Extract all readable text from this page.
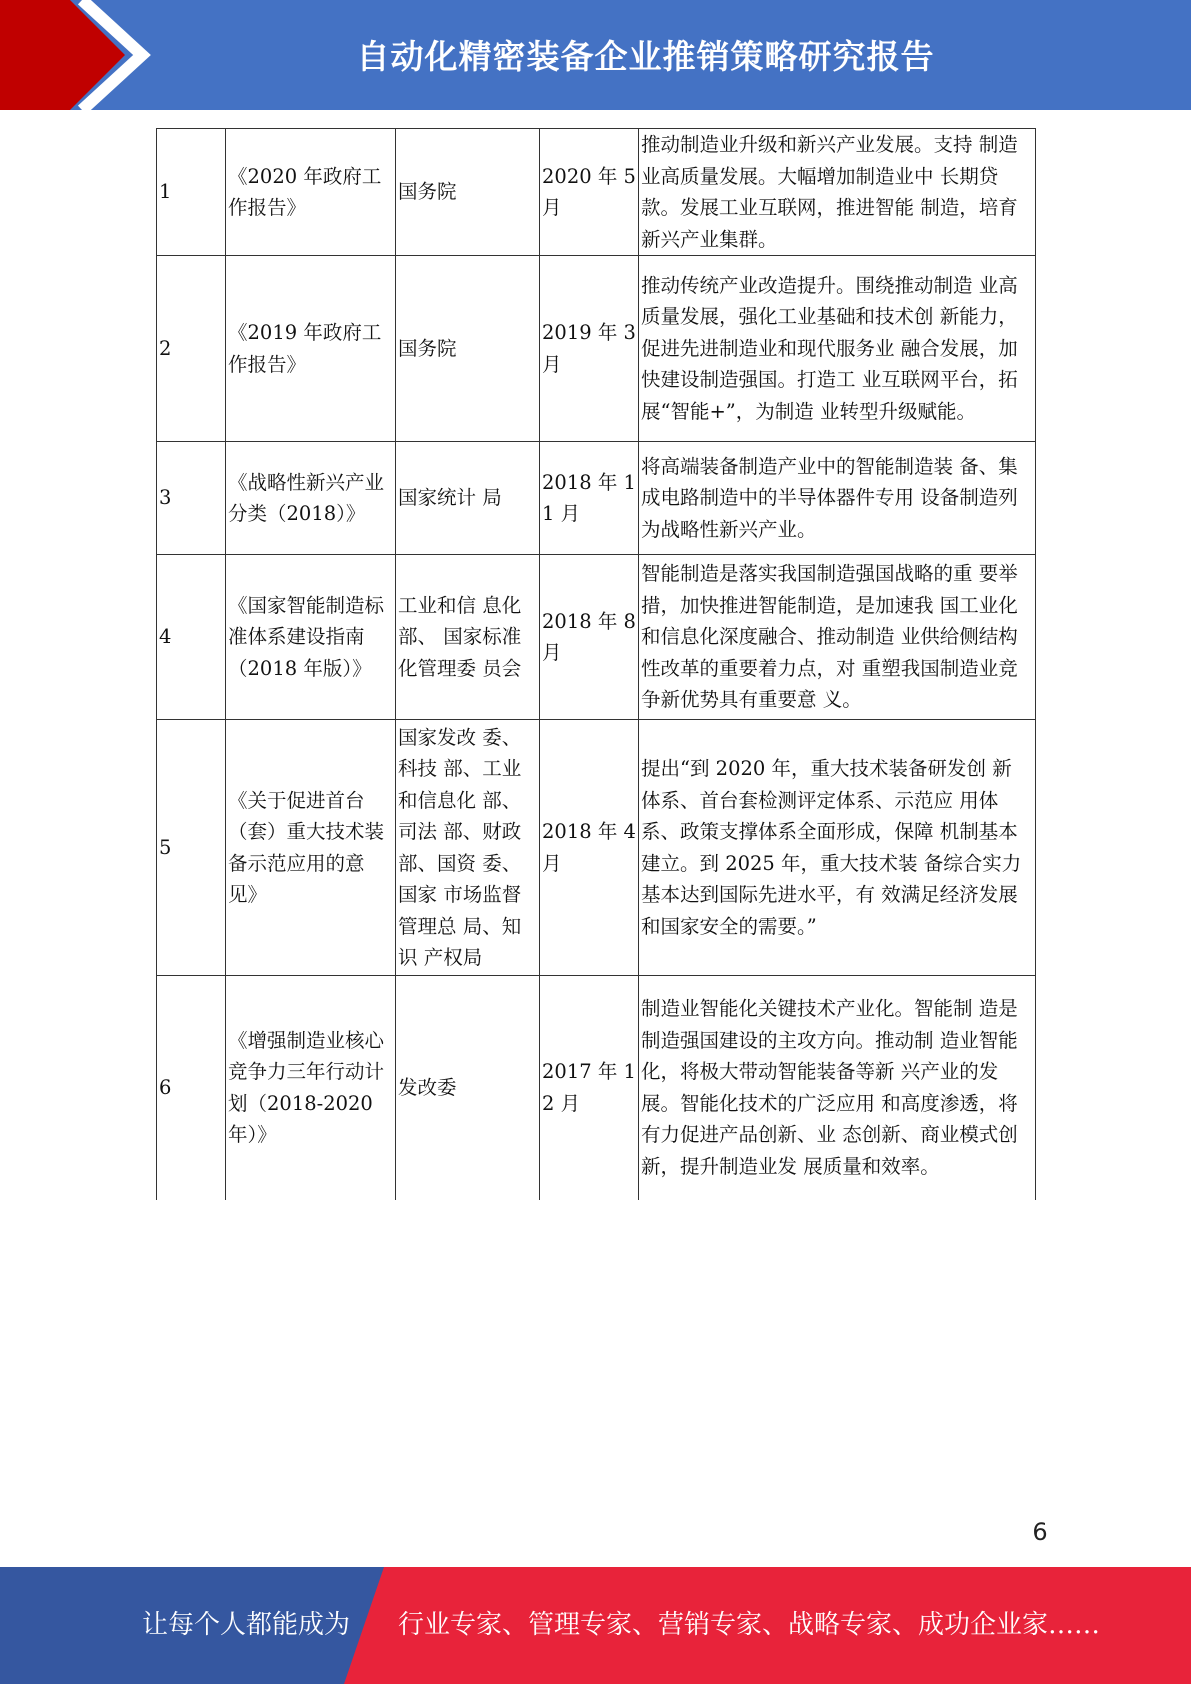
自动化精密装备企业推销策略研究报告
1	《2020 年政府工作报告》	国务院	2020 年 5 月	推动制造业升级和新兴产业发展。支持 制造业高质量发展。大幅增加制造业中 长期贷款。发展工业互联网，推进智能 制造，培育新兴产业集群。
2	《2019 年政府工作报告》	国务院	2019 年 3 月	推动传统产业改造提升。围绕推动制造 业高质量发展，强化工业基础和技术创 新能力，促进先进制造业和现代服务业 融合发展，加快建设制造强国。打造工 业互联网平台，拓展“智能+”，为制造 业转型升级赋能。
3	《战略性新兴产业分类（2018）》	国家统计 局	2018 年 11 月	将高端装备制造产业中的智能制造装 备、集成电路制造中的半导体器件专用 设备制造列为战略性新兴产业。
4	《国家智能制造标准体系建设指南（2018 年版）》	工业和信 息化部、 国家标准化管理委 员会	2018 年 8 月	智能制造是落实我国制造强国战略的重 要举措，加快推进智能制造，是加速我 国工业化和信息化深度融合、推动制造 业供给侧结构性改革的重要着力点，对 重塑我国制造业竞争新优势具有重要意 义。
5	《关于促进首台（套）重大技术装备示范应用的意见》	国家发改 委、科技 部、工业和信息化 部、司法 部、财政部、国资 委、国家 市场监督管理总 局、知识 产权局	2018 年 4 月	提出“到 2020 年，重大技术装备研发创 新体系、首台套检测评定体系、示范应 用体系、政策支撑体系全面形成，保障 机制基本建立。到 2025 年，重大技术装 备综合实力基本达到国际先进水平，有 效满足经济发展和国家安全的需要。”
6	《增强制造业核心竞争力三年行动计划（2018-2020 年）》	发改委	2017 年 12 月	制造业智能化关键技术产业化。智能制 造是制造强国建设的主攻方向。推动制 造业智能化，将极大带动智能装备等新 兴产业的发展。智能化技术的广泛应用 和高度渗透，将有力促进产品创新、业 态创新、商业模式创新，提升制造业发 展质量和效率。
6
让每个人都能成为 行业专家、管理专家、营销专家、战略专家、成功企业家……
